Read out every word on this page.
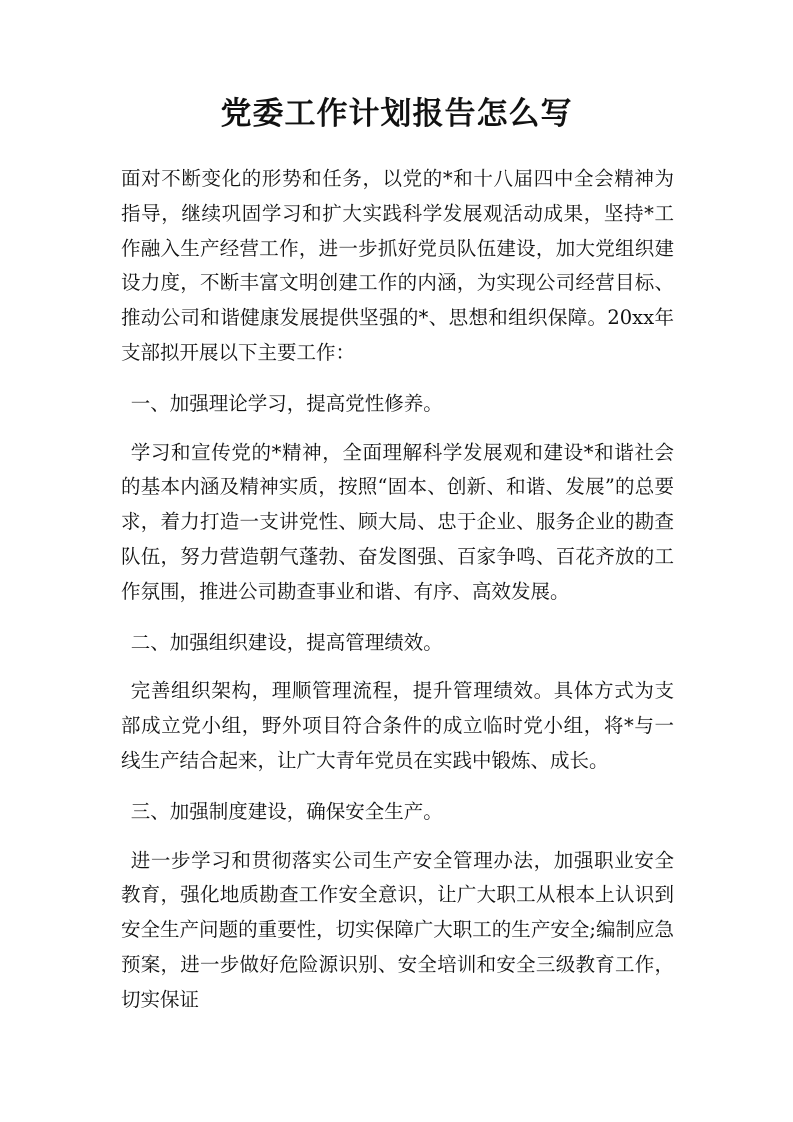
党委工作计划报告怎么写

面对不断变化的形势和任务，以党的*和十八届四中全会精神为指导，继续巩固学习和扩大实践科学发展观活动成果，坚持*工作融入生产经营工作，进一步抓好党员队伍建设，加大党组织建设力度，不断丰富文明创建工作的内涵，为实现公司经营目标、推动公司和谐健康发展提供坚强的*、思想和组织保障。20xx年支部拟开展以下主要工作：

一、加强理论学习，提高党性修养。

学习和宣传党的*精神，全面理解科学发展观和建设*和谐社会的基本内涵及精神实质，按照“固本、创新、和谐、发展”的总要求，着力打造一支讲党性、顾大局、忠于企业、服务企业的勘查队伍，努力营造朝气蓬勃、奋发图强、百家争鸣、百花齐放的工作氛围，推进公司勘查事业和谐、有序、高效发展。

二、加强组织建设，提高管理绩效。

完善组织架构，理顺管理流程，提升管理绩效。具体方式为支部成立党小组，野外项目符合条件的成立临时党小组，将*与一线生产结合起来，让广大青年党员在实践中锻炼、成长。

三、加强制度建设，确保安全生产。

进一步学习和贯彻落实公司生产安全管理办法，加强职业安全教育，强化地质勘查工作安全意识，让广大职工从根本上认识到安全生产问题的重要性，切实保障广大职工的生产安全;编制应急预案，进一步做好危险源识别、安全培训和安全三级教育工作，切实保证
